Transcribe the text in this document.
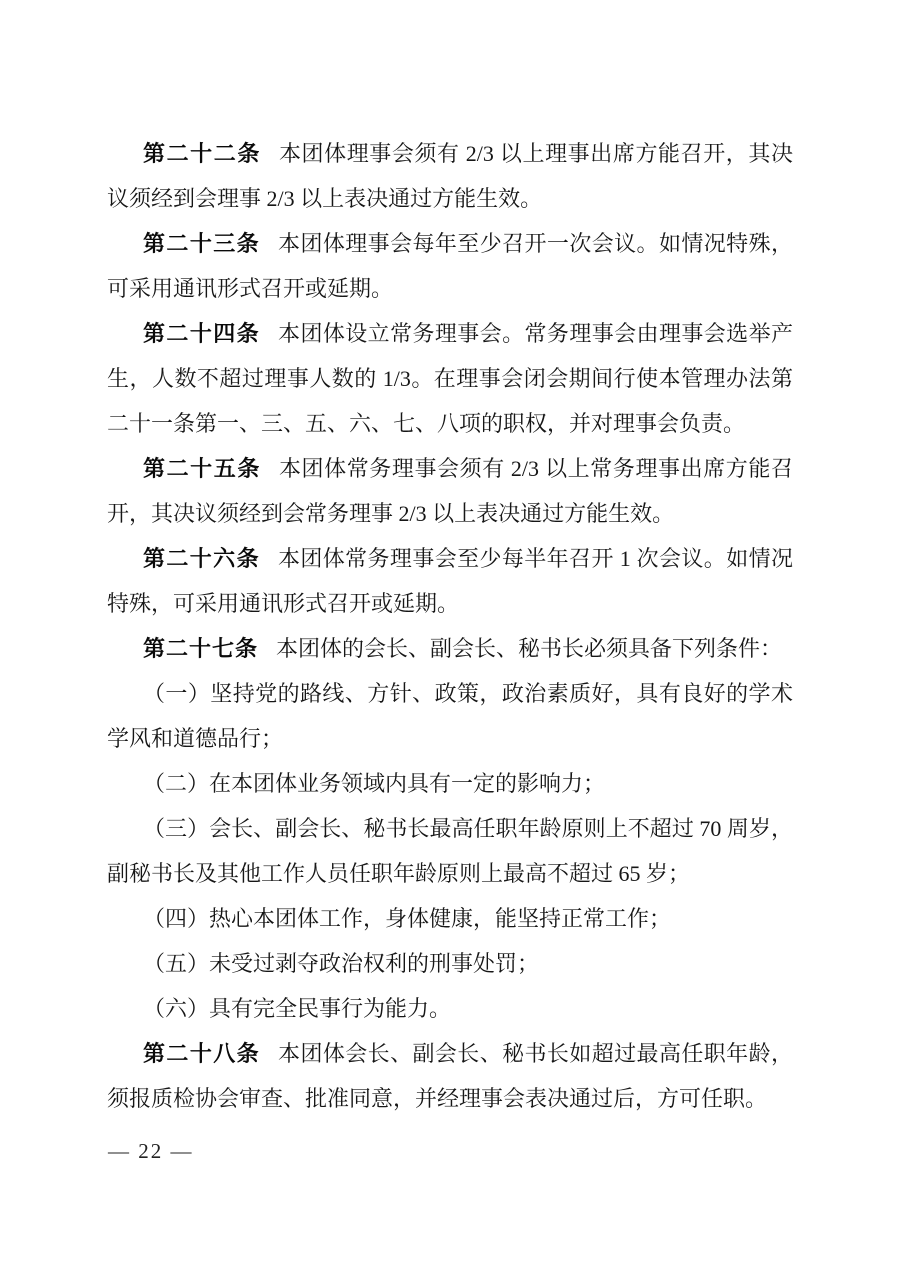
第二十二条 本团体理事会须有 2/3 以上理事出席方能召开，其决议须经到会理事 2/3 以上表决通过方能生效。

第二十三条 本团体理事会每年至少召开一次会议。如情况特殊，可采用通讯形式召开或延期。

第二十四条 本团体设立常务理事会。常务理事会由理事会选举产生，人数不超过理事人数的 1/3。在理事会闭会期间行使本管理办法第二十一条第一、三、五、六、七、八项的职权，并对理事会负责。

第二十五条 本团体常务理事会须有 2/3 以上常务理事出席方能召开，其决议须经到会常务理事 2/3 以上表决通过方能生效。

第二十六条 本团体常务理事会至少每半年召开 1 次会议。如情况特殊，可采用通讯形式召开或延期。

第二十七条 本团体的会长、副会长、秘书长必须具备下列条件：

（一）坚持党的路线、方针、政策，政治素质好，具有良好的学术学风和道德品行；

（二）在本团体业务领域内具有一定的影响力；

（三）会长、副会长、秘书长最高任职年龄原则上不超过 70 周岁，副秘书长及其他工作人员任职年龄原则上最高不超过 65 岁；

（四）热心本团体工作，身体健康，能坚持正常工作；

（五）未受过剥夺政治权利的刑事处罚；

（六）具有完全民事行为能力。

第二十八条 本团体会长、副会长、秘书长如超过最高任职年龄，须报质检协会审查、批准同意，并经理事会表决通过后，方可任职。

— 22 —
